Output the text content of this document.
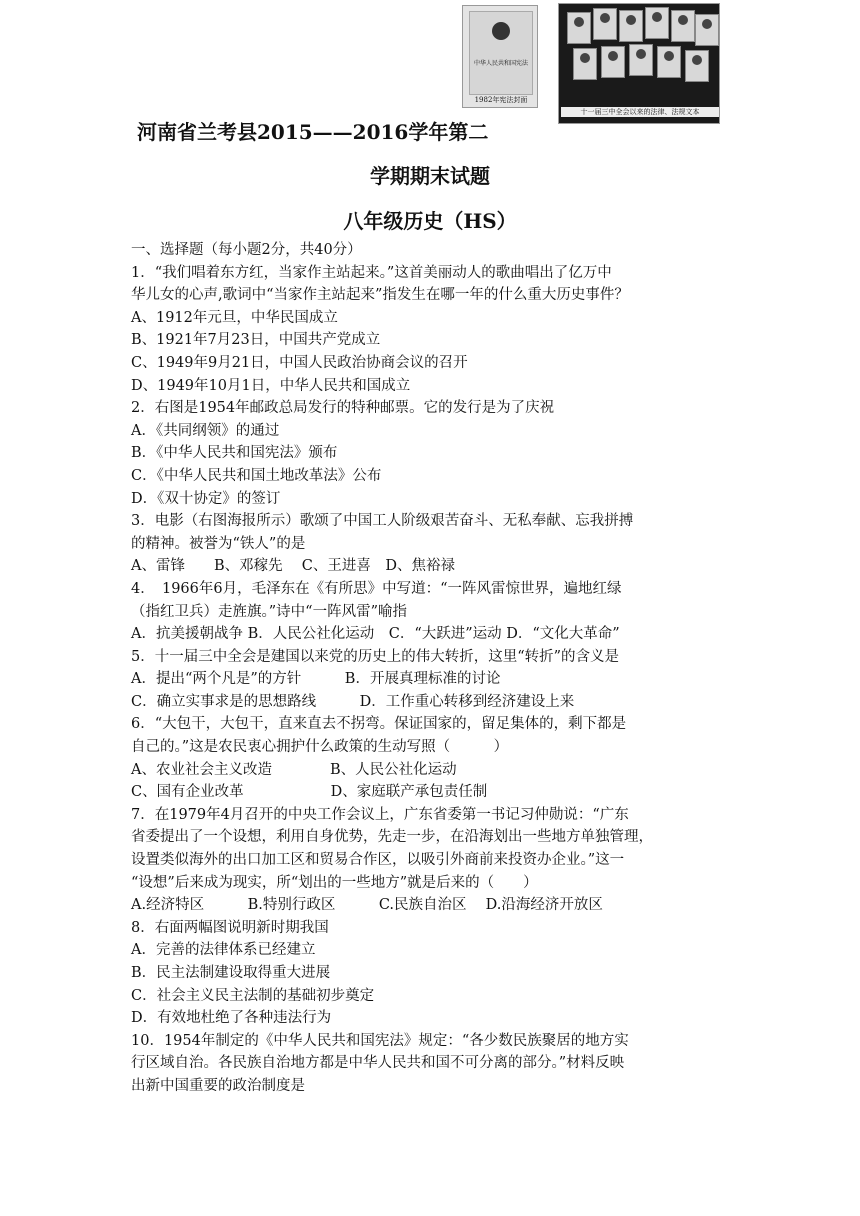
中华人民共和国宪法
1982年宪法封面
十一届三中全会以来的法律、法规文本
河南省兰考县2015——2016学年第二
学期期末试题
八年级历史（HS）
一、选择题（每小题2分，共40分）
1．“我们唱着东方红，当家作主站起来。”这首美丽动人的歌曲唱出了亿万中
华儿女的心声,歌词中“当家作主站起来”指发生在哪一年的什么重大历史事件？
A、1912年元旦，中华民国成立
B、1921年7月23日，中国共产党成立
C、1949年9月21日，中国人民政治协商会议的召开
D、1949年10月1日，中华人民共和国成立
2．右图是1954年邮政总局发行的特种邮票。它的发行是为了庆祝
A．《共同纲领》的通过
B．《中华人民共和国宪法》颁布
C．《中华人民共和国土地改革法》公布
D．《双十协定》的签订
3．电影（右图海报所示）歌颂了中国工人阶级艰苦奋斗、无私奉献、忘我拼搏
的精神。被誉为“铁人”的是
A、雷锋　　B、邓稼先　 C、王进喜　D、焦裕禄
4．　1966年6月，毛泽东在《有所思》中写道：“一阵风雷惊世界，遍地红绿
（指红卫兵）走旌旗。”诗中“一阵风雷”喻指
A．抗美援朝战争 B．人民公社化运动　C．“大跃进”运动 D．“文化大革命”
5．十一届三中全会是建国以来党的历史上的伟大转折，这里“转折”的含义是
A．提出“两个凡是”的方针　　　B．开展真理标准的讨论
C．确立实事求是的思想路线　　　D．工作重心转移到经济建设上来
6．“大包干，大包干，直来直去不拐弯。保证国家的，留足集体的，剩下都是
自己的。”这是农民衷心拥护什么政策的生动写照（　　　）
A、农业社会主义改造　　　　B、人民公社化运动
C、国有企业改革　　　　　　D、家庭联产承包责任制
7．在1979年4月召开的中央工作会议上，广东省委第一书记习仲勋说：“广东
省委提出了一个设想，利用自身优势，先走一步，在沿海划出一些地方单独管理，
设置类似海外的出口加工区和贸易合作区，以吸引外商前来投资办企业。”这一
“设想”后来成为现实，所“划出的一些地方”就是后来的（　　）
A.经济特区　　　B.特别行政区　　　C.民族自治区　 D.沿海经济开放区
8．右面两幅图说明新时期我国
A．完善的法律体系已经建立
B．民主法制建设取得重大进展
C．社会主义民主法制的基础初步奠定
D．有效地杜绝了各种违法行为
10．1954年制定的《中华人民共和国宪法》规定：“各少数民族聚居的地方实
行区域自治。各民族自治地方都是中华人民共和国不可分离的部分。”材料反映
出新中国重要的政治制度是
